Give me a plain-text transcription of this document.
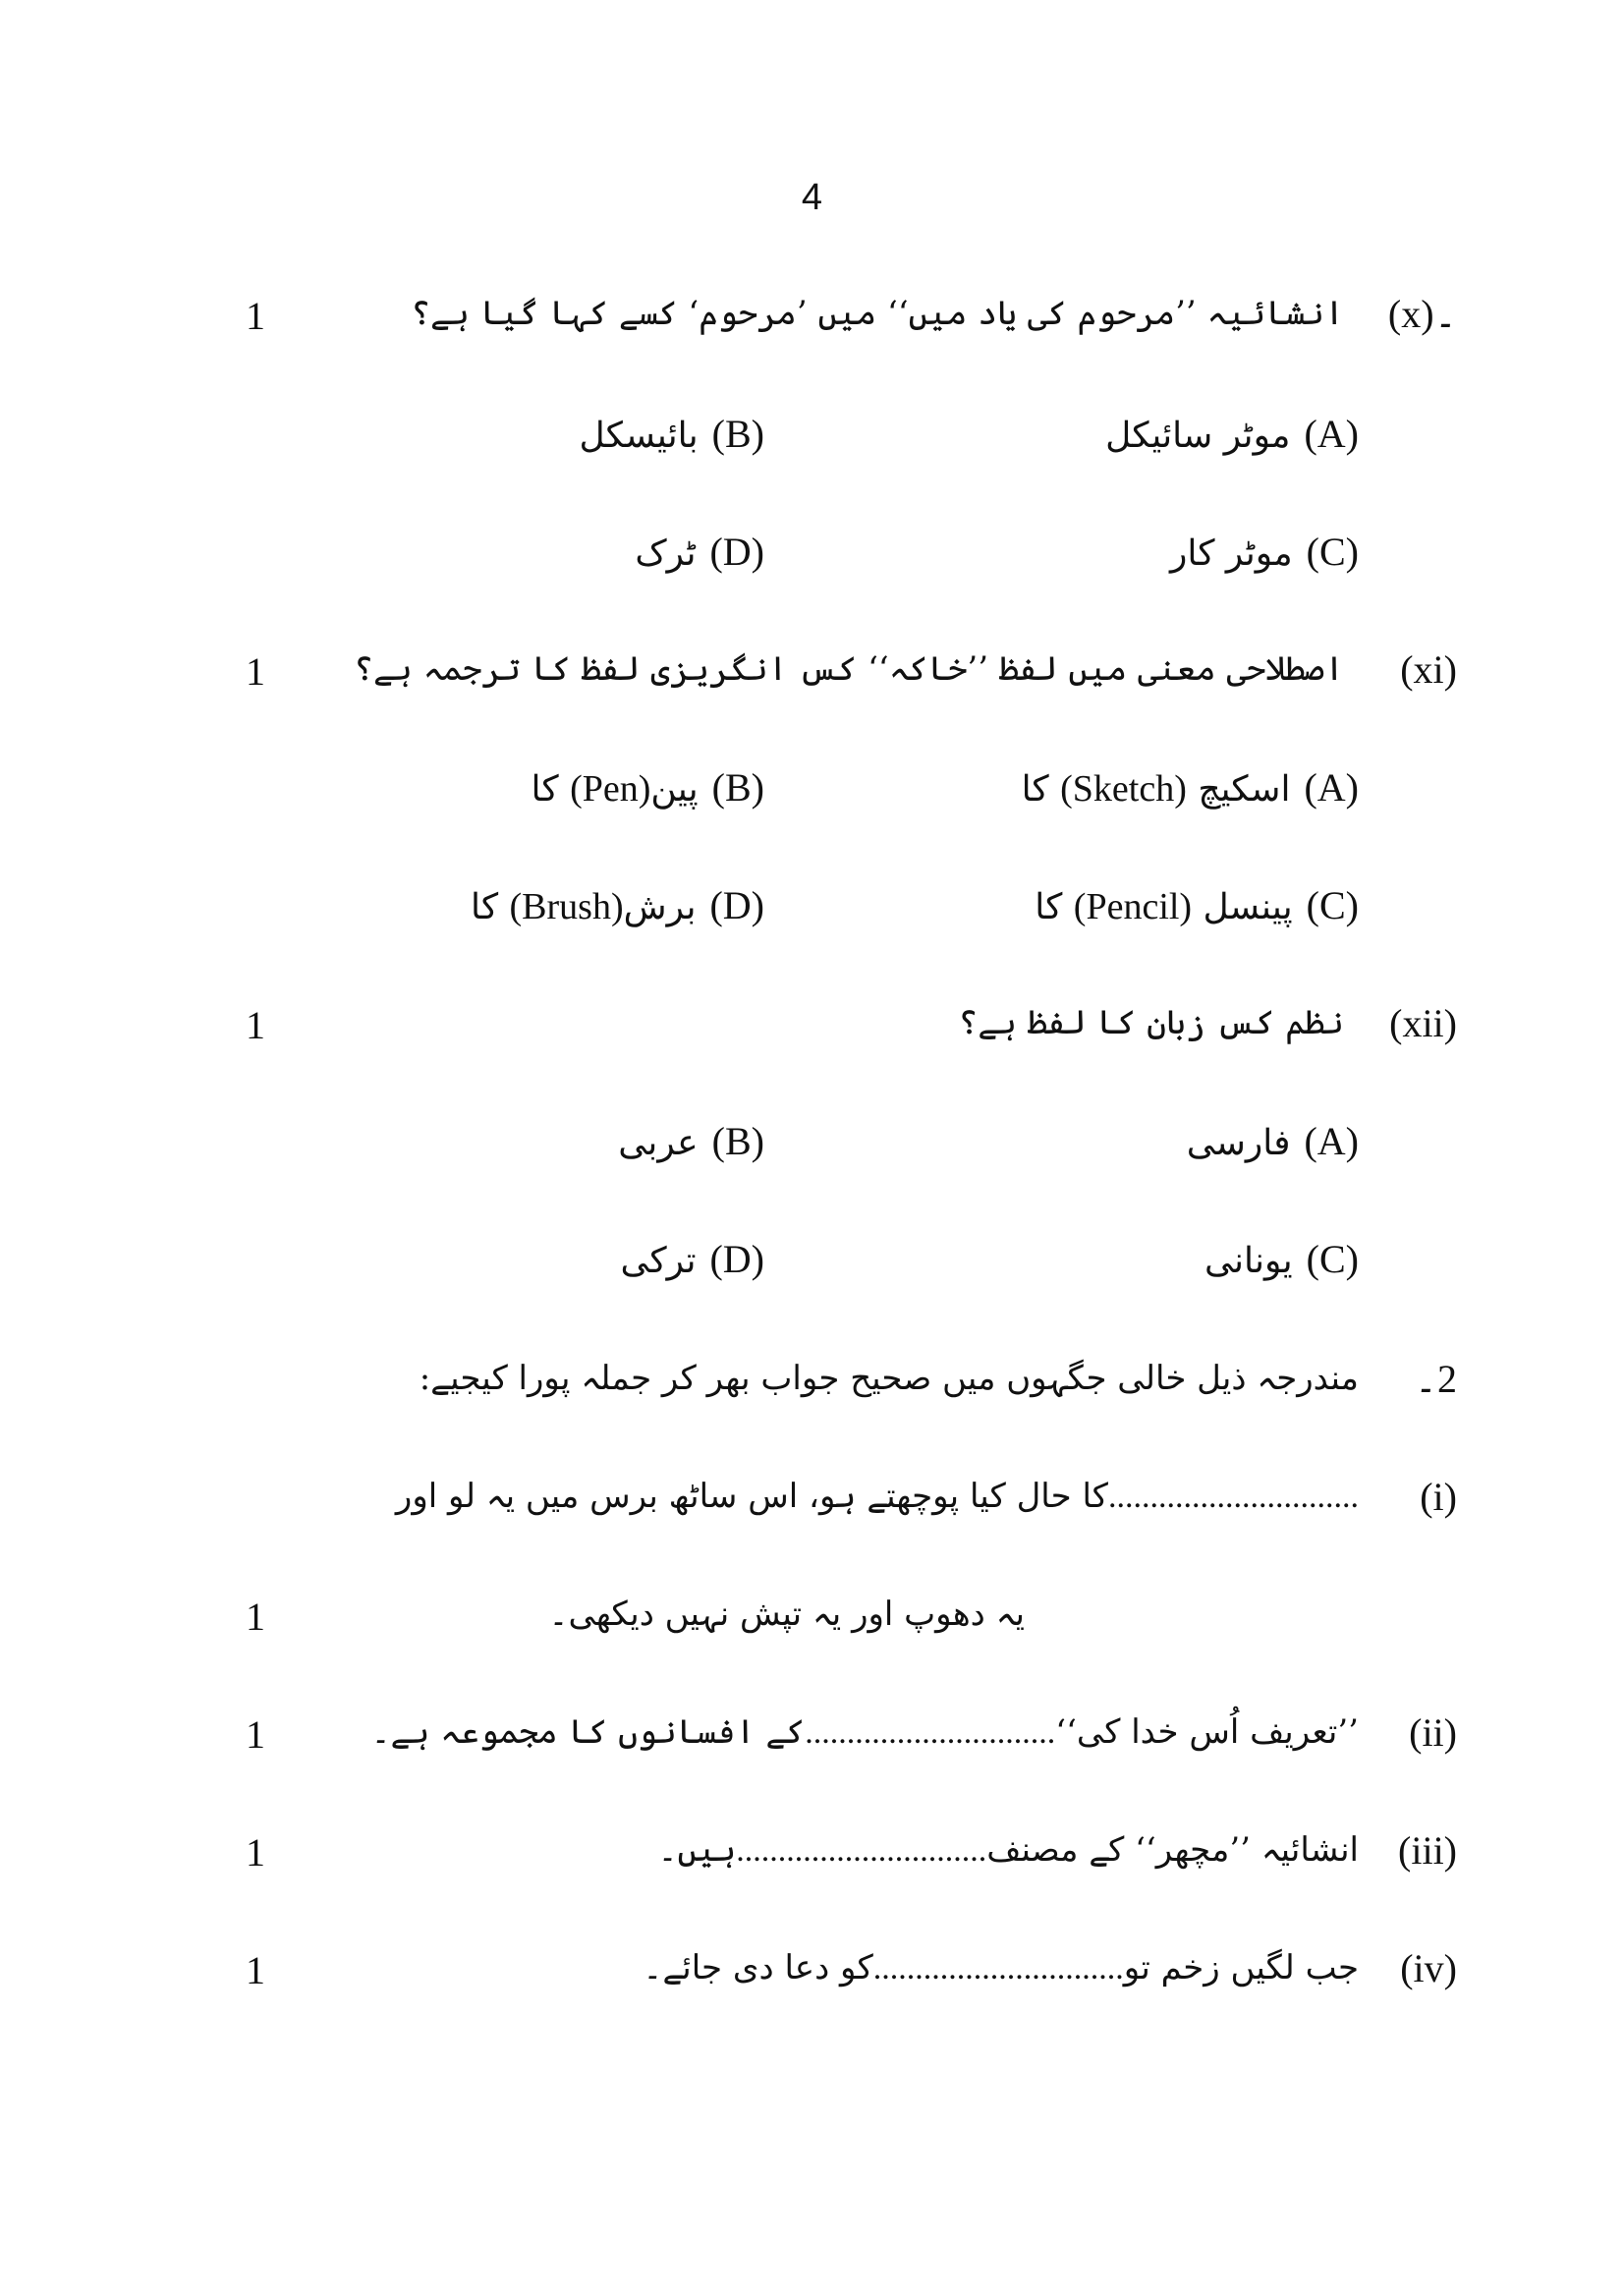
4
1	(x)۔
انشائیہ ’’مرحوم کی یاد میں‘‘ میں ’مرحوم‘ کسے کہا گیا ہے؟
(A)موٹر سائیکل
(B)بائیسکل
(C)موٹر کار
(D)ٹرک
1	(xi)
اصطلاحی معنی میں لفظ ’’خاکہ‘‘ کس انگریزی لفظ کا ترجمہ ہے؟
(A)اسکیچ (Sketch) کا
(B)پین(Pen) کا
(C)پینسل (Pencil) کا
(D)برش(Brush) کا
1	(xii)
نظم کس زبان کا لفظ ہے؟
(A)فارسی
(B)عربی
(C)یونانی
(D)ترکی
2۔
مندرجہ ذیل خالی جگہوں میں صحیح جواب بھر کر جملہ پورا کیجیے:
(i)
..............................کا حال کیا پوچھتے ہو، اس ساٹھ برس میں یہ لو اور
1	یہ دھوپ اور یہ تپش نہیں دیکھی۔
1	(ii)
’’تعریف اُس خدا کی‘‘..............................کے افسانوں کا مجموعہ ہے۔
1	(iii)
انشائیہ ’’مچھر‘‘ کے مصنف..............................ہیں۔
1	(iv)
جب لگیں زخم تو..............................کو دعا دی جائے۔
